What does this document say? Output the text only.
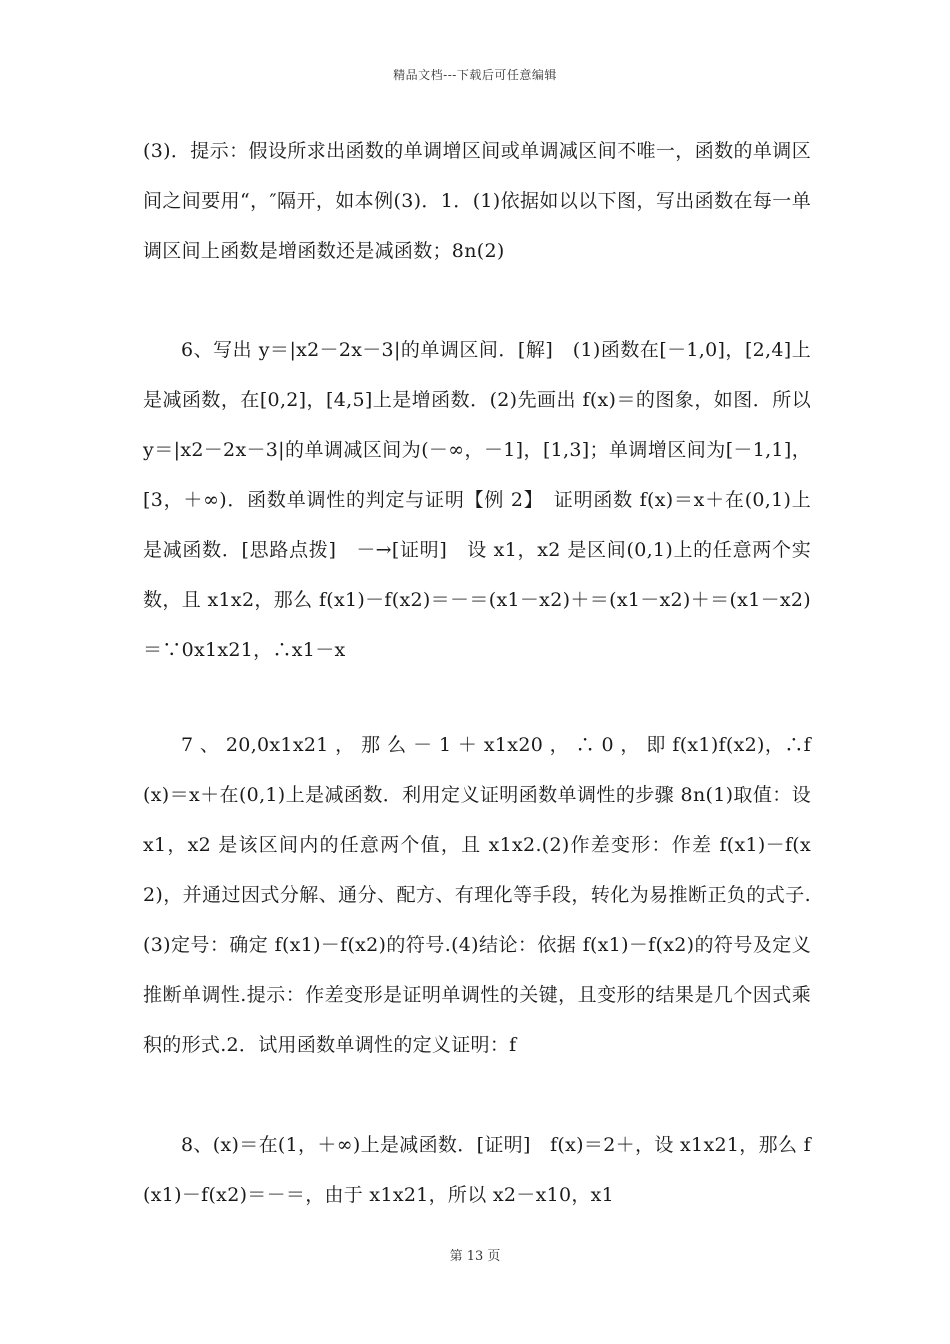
精品文档---下载后可任意编辑
(3)．提示：假设所求出函数的单调增区间或单调减区间不唯一，函数的单调区间之间要用“，″隔开，如本例(3)．1．(1)依据如以以下图，写出函数在每一单调区间上函数是增函数还是减函数；8n(2)
6、写出 y＝|x2－2x－3|的单调区间．[解]　(1)函数在[－1,0]，[2,4]上是减函数，在[0,2]，[4,5]上是增函数．(2)先画出 f(x)＝的图象，如图．所以 y＝|x2－2x－3|的单调减区间为(－∞，－1]，[1,3]；单调增区间为[－1,1]，[3，＋∞)．函数单调性的判定与证明【例 2】　证明函数 f(x)＝x＋在(0,1)上是减函数．[思路点拨]　－→[证明]　设 x1，x2 是区间(0,1)上的任意两个实数，且 x1x2，那么 f(x1)－f(x2)＝－＝(x1－x2)＋＝(x1－x2)＋＝(x1－x2)＝∵0x1x21，∴x1－x
7 、 20,0x1x21 ， 那 么 － 1 ＋ x1x20 ， ∴ 0 ， 即 f(x1)f(x2)，∴f(x)＝x＋在(0,1)上是减函数．利用定义证明函数单调性的步骤 8n(1)取值：设 x1，x2 是该区间内的任意两个值，且 x1x2.(2)作差变形：作差 f(x1)－f(x2)，并通过因式分解、通分、配方、有理化等手段，转化为易推断正负的式子.(3)定号：确定 f(x1)－f(x2)的符号.(4)结论：依据 f(x1)－f(x2)的符号及定义推断单调性.提示：作差变形是证明单调性的关键，且变形的结果是几个因式乘积的形式.2．试用函数单调性的定义证明：f
8、(x)＝在(1，＋∞)上是减函数．[证明]　f(x)＝2＋，设 x1x21，那么 f(x1)－f(x2)＝－＝，由于 x1x21，所以 x2－x10，x1
第 13 页
